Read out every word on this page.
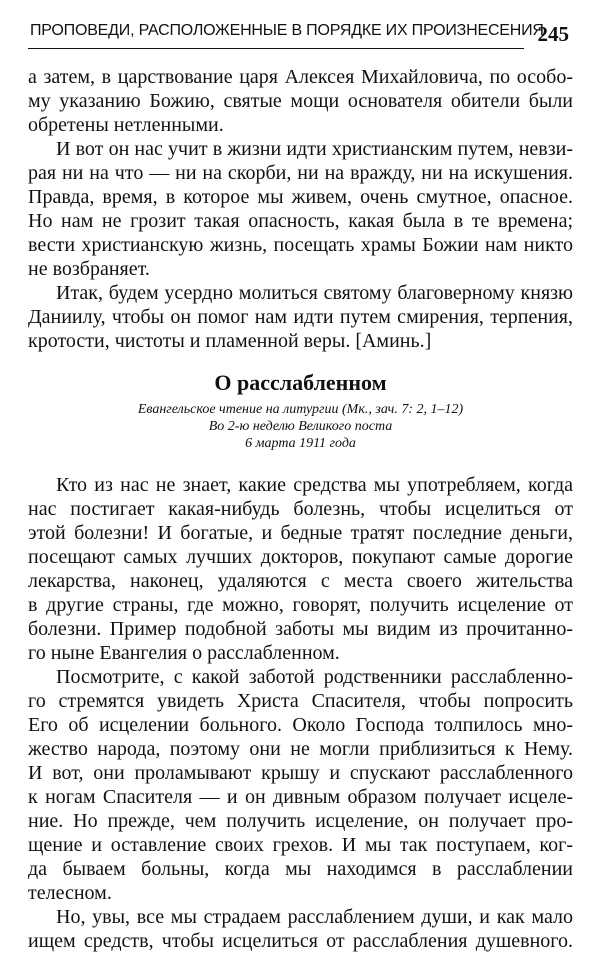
ПРОПОВЕДИ, РАСПОЛОЖЕННЫЕ В ПОРЯДКЕ ИХ ПРОИЗНЕСЕНИЯ
245
а затем, в царствование царя Алексея Михайловича, по особо-
му указанию Божию, святые мощи основателя обители были
обретены нетленными.
И вот он нас учит в жизни идти христианским путем, невзи-
рая ни на что — ни на скорби, ни на вражду, ни на искушения.
Правда, время, в которое мы живем, очень смутное, опасное.
Но нам не грозит такая опасность, какая была в те времена;
вести христианскую жизнь, посещать храмы Божии нам никто
не возбраняет.
Итак, будем усердно молиться святому благоверному князю
Даниилу, чтобы он помог нам идти путем смирения, терпения,
кротости, чистоты и пламенной веры. [Аминь.]
О расслабленном
Евангельское чтение на литургии (Мк., зач. 7: 2, 1–12)
Во 2-ю неделю Великого поста
6 марта 1911 года
Кто из нас не знает, какие средства мы употребляем, когда
нас постигает какая-нибудь болезнь, чтобы исцелиться от
этой болезни! И богатые, и бедные тратят последние деньги,
посещают самых лучших докторов, покупают самые дорогие
лекарства, наконец, удаляются с места своего жительства
в другие страны, где можно, говорят, получить исцеление от
болезни. Пример подобной заботы мы видим из прочитанно-
го ныне Евангелия о расслабленном.
Посмотрите, с какой заботой родственники расслабленно-
го стремятся увидеть Христа Спасителя, чтобы попросить
Его об исцелении больного. Около Господа толпилось мно-
жество народа, поэтому они не могли приблизиться к Нему.
И вот, они проламывают крышу и спускают расслабленного
к ногам Спасителя — и он дивным образом получает исцеле-
ние. Но прежде, чем получить исцеление, он получает про-
щение и оставление своих грехов. И мы так поступаем, ког-
да бываем больны, когда мы находимся в расслаблении
телесном.
Но, увы, все мы страдаем расслаблением души, и как мало
ищем средств, чтобы исцелиться от расслабления душевного.
